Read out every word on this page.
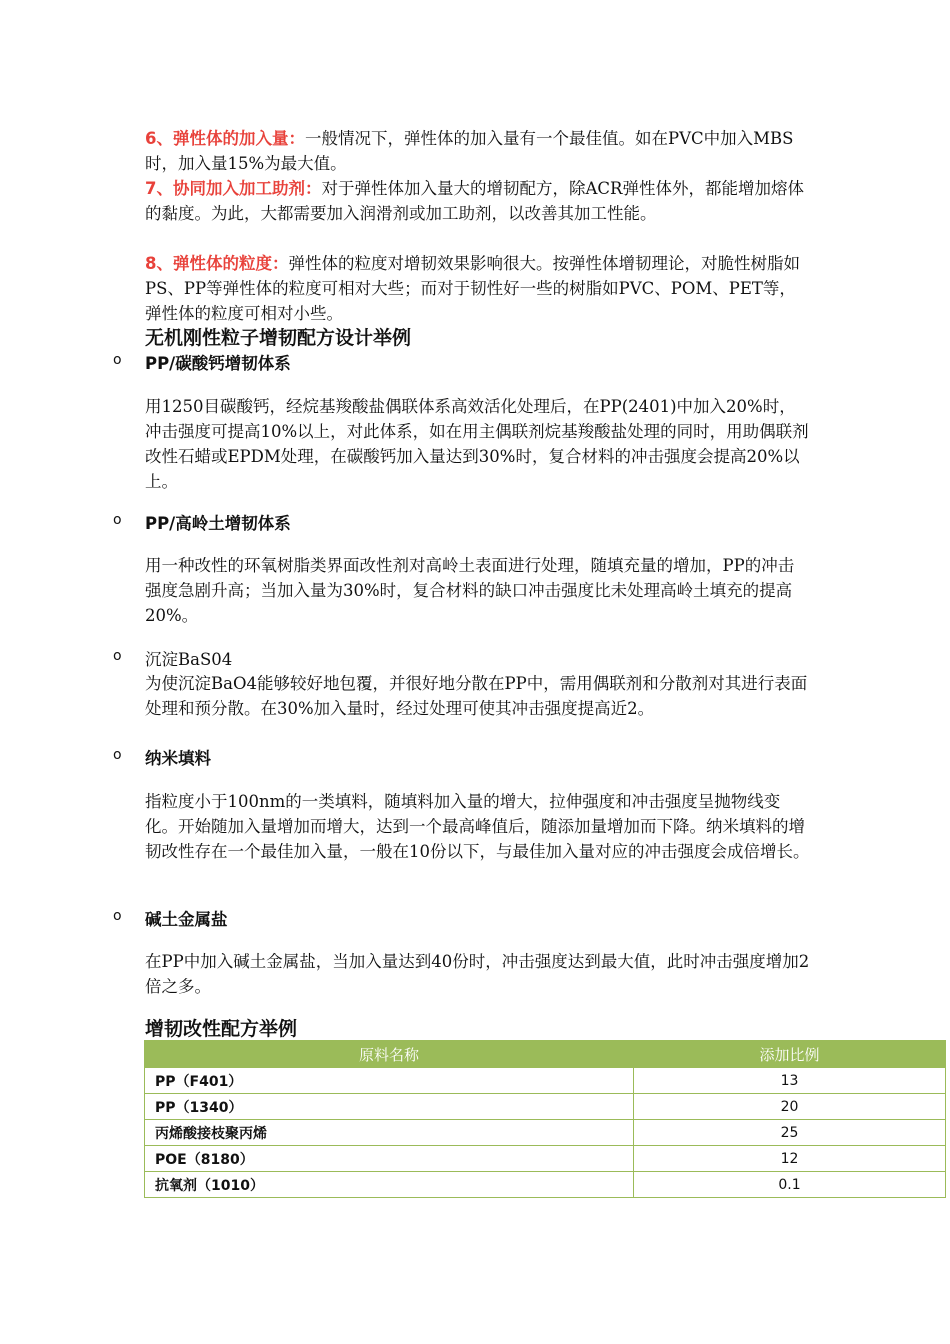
6、弹性体的加入量：一般情况下，弹性体的加入量有一个最佳值。如在PVC中加入MBS时，加入量15%为最大值。

7、协同加入加工助剂：对于弹性体加入量大的增韧配方，除ACR弹性体外，都能增加熔体的黏度。为此，大都需要加入润滑剂或加工助剂，以改善其加工性能。

8、弹性体的粒度：弹性体的粒度对增韧效果影响很大。按弹性体增韧理论，对脆性树脂如PS、PP等弹性体的粒度可相对大些；而对于韧性好一些的树脂如PVC、POM、PET等，弹性体的粒度可相对小些。

无机刚性粒子增韧配方设计举例
o PP/碳酸钙增韧体系

用1250目碳酸钙，经烷基羧酸盐偶联体系高效活化处理后，在PP(2401)中加入20%时，冲击强度可提高10%以上，对此体系，如在用主偶联剂烷基羧酸盐处理的同时，用助偶联剂改性石蜡或EPDM处理，在碳酸钙加入量达到30%时，复合材料的冲击强度会提高20%以上。

o PP/高岭土增韧体系

用一种改性的环氧树脂类界面改性剂对高岭土表面进行处理，随填充量的增加，PP的冲击强度急剧升高；当加入量为30%时，复合材料的缺口冲击强度比未处理高岭土填充的提高20%。

o 沉淀BaS04

为使沉淀BaO4能够较好地包覆，并很好地分散在PP中，需用偶联剂和分散剂对其进行表面处理和预分散。在30%加入量时，经过处理可使其冲击强度提高近2。

o 纳米填料

指粒度小于100nm的一类填料，随填料加入量的增大，拉伸强度和冲击强度呈抛物线变化。开始随加入量增加而增大，达到一个最高峰值后，随添加量增加而下降。纳米填料的增韧改性存在一个最佳加入量，一般在10份以下，与最佳加入量对应的冲击强度会成倍增长。

o 碱土金属盐

在PP中加入碱土金属盐，当加入量达到40份时，冲击强度达到最大值，此时冲击强度增加2倍之多。

增韧改性配方举例
原料名称	添加比例
PP（F401）	13
PP（1340）	20
丙烯酸接枝聚丙烯	25
POE（8180）	12
抗氧剂（1010）	0.1
